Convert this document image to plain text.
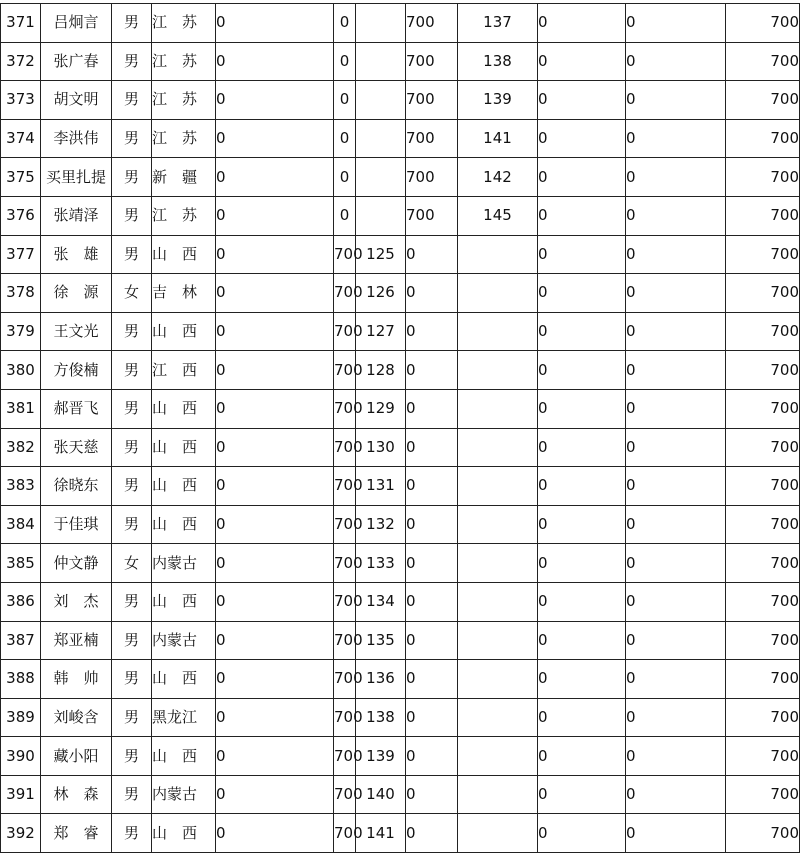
371	吕炯言	男	江　苏	0	0		700	137	0	0	700
372	张广春	男	江　苏	0	0		700	138	0	0	700
373	胡文明	男	江　苏	0	0		700	139	0	0	700
374	李洪伟	男	江　苏	0	0		700	141	0	0	700
375	买里扎提	男	新　疆	0	0		700	142	0	0	700
376	张靖泽	男	江　苏	0	0		700	145	0	0	700
377	张　雄	男	山　西	0	700	125	0		0	0	700
378	徐　源	女	吉　林	0	700	126	0		0	0	700
379	王文光	男	山　西	0	700	127	0		0	0	700
380	方俊楠	男	江　西	0	700	128	0		0	0	700
381	郝晋飞	男	山　西	0	700	129	0		0	0	700
382	张天慈	男	山　西	0	700	130	0		0	0	700
383	徐晓东	男	山　西	0	700	131	0		0	0	700
384	于佳琪	男	山　西	0	700	132	0		0	0	700
385	仲文静	女	内蒙古	0	700	133	0		0	0	700
386	刘　杰	男	山　西	0	700	134	0		0	0	700
387	郑亚楠	男	内蒙古	0	700	135	0		0	0	700
388	韩　帅	男	山　西	0	700	136	0		0	0	700
389	刘峻含	男	黑龙江	0	700	138	0		0	0	700
390	藏小阳	男	山　西	0	700	139	0		0	0	700
391	林　森	男	内蒙古	0	700	140	0		0	0	700
392	郑　睿	男	山　西	0	700	141	0		0	0	700
